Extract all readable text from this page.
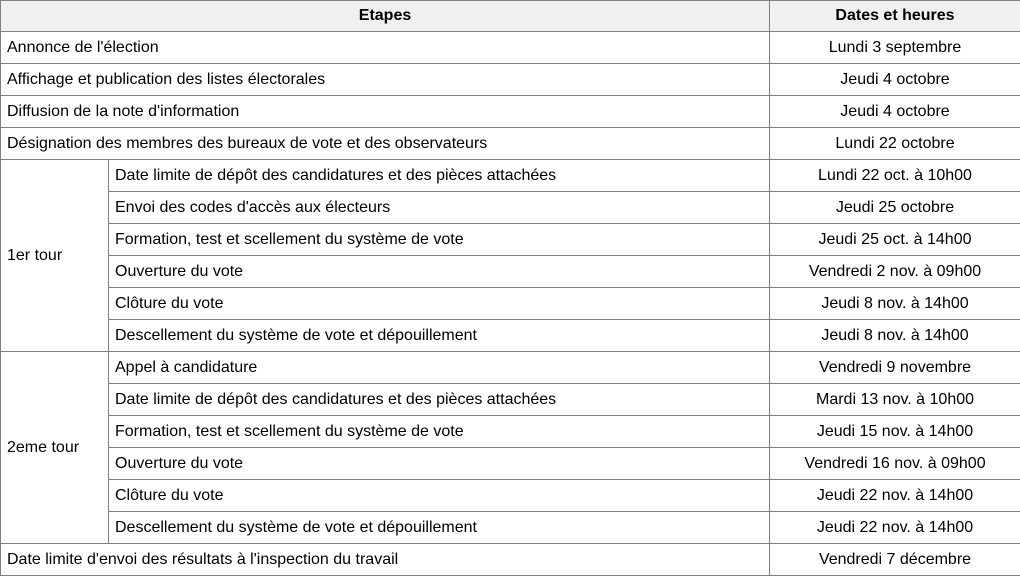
Etapes		Dates et heures
Annonce de l'élection		Lundi 3 septembre
Affichage et publication des listes électorales		Jeudi 4 octobre
Diffusion de la note d'information		Jeudi 4 octobre
Désignation des membres des bureaux de vote et des observateurs		Lundi 22 octobre
1er tour	Date limite de dépôt des candidatures et des pièces attachées	Lundi 22 oct. à 10h00
	Envoi des codes d'accès aux électeurs	Jeudi 25 octobre
	Formation, test et scellement du système de vote	Jeudi 25 oct. à 14h00
	Ouverture du vote	Vendredi 2 nov. à 09h00
	Clôture du vote	Jeudi 8 nov. à 14h00
	Descellement du système de vote et dépouillement	Jeudi 8 nov. à 14h00
2eme tour	Appel à candidature	Vendredi 9 novembre
	Date limite de dépôt des candidatures et des pièces attachées	Mardi 13 nov. à 10h00
	Formation, test et scellement du système de vote	Jeudi 15 nov. à 14h00
	Ouverture du vote	Vendredi 16 nov. à 09h00
	Clôture du vote	Jeudi 22 nov. à 14h00
	Descellement du système de vote et dépouillement	Jeudi 22 nov. à 14h00
Date limite d'envoi des résultats à l'inspection du travail		Vendredi 7 décembre
